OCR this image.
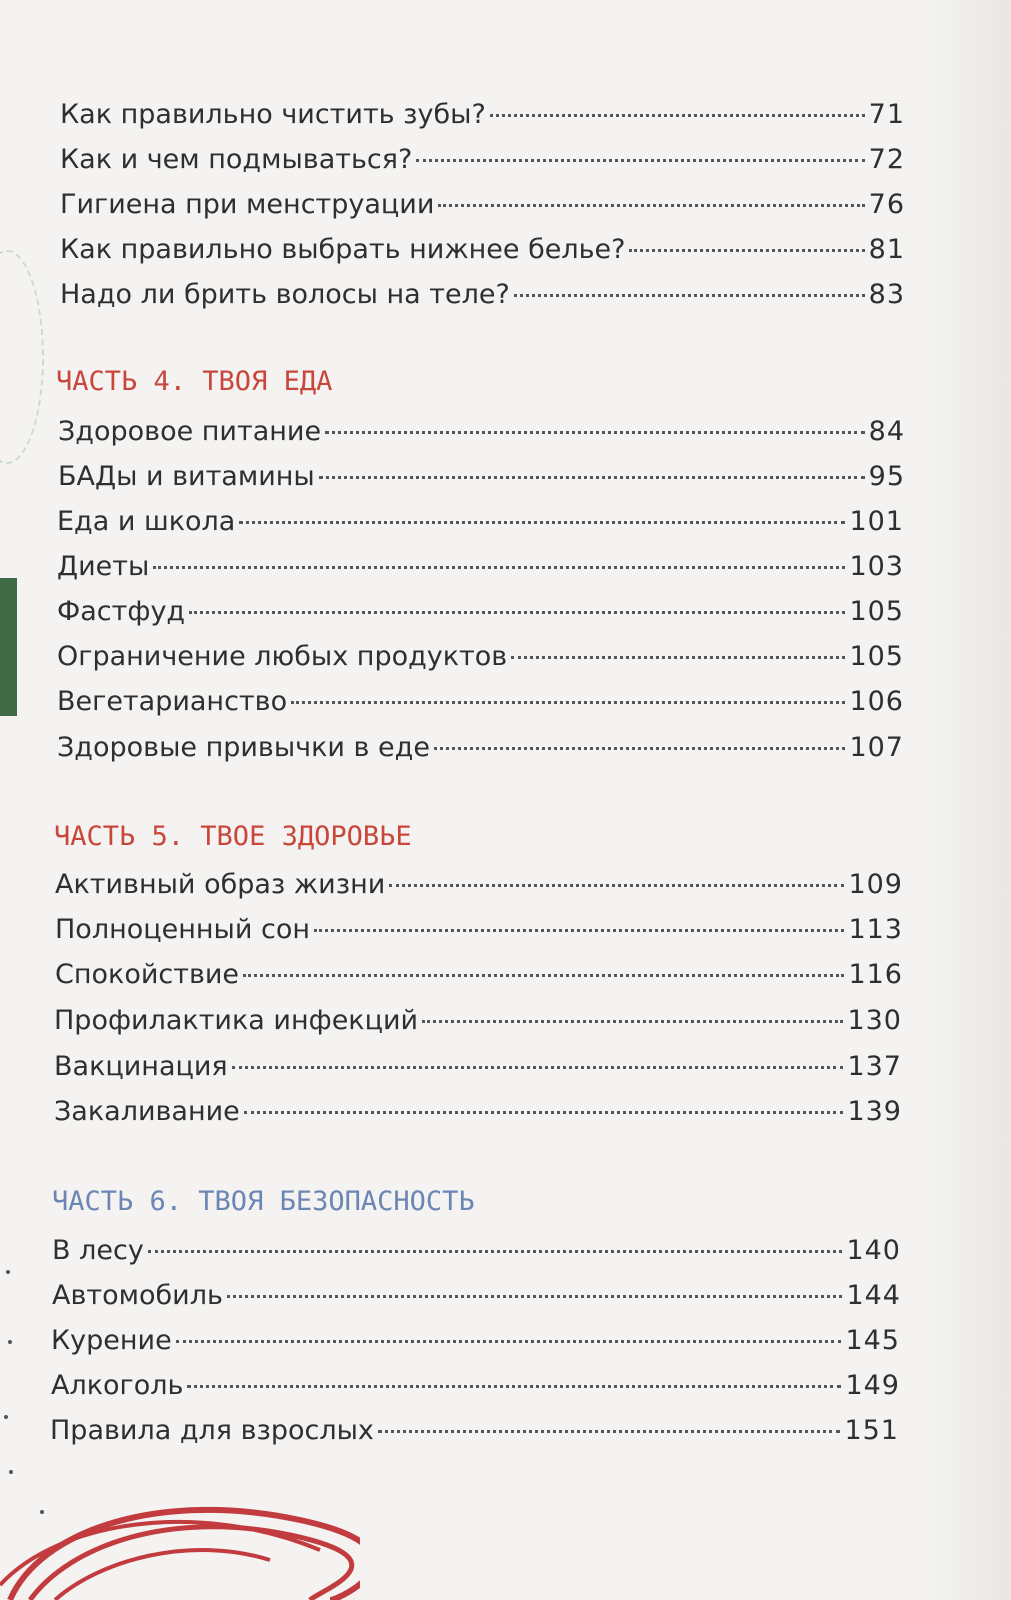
Как правильно чистить зубы?	71
Как и чем подмываться?	72
Гигиена при менструации	76
Как правильно выбрать нижнее белье?	81
Надо ли брить волосы на теле?	83
ЧАСТЬ 4. ТВОЯ ЕДА
Здоровое питание	84
БАДы и витамины	95
Еда и школа	101
Диеты	103
Фастфуд	105
Ограничение любых продуктов	105
Вегетарианство	106
Здоровые привычки в еде	107
ЧАСТЬ 5. ТВОЕ ЗДОРОВЬЕ
Активный образ жизни	109
Полноценный сон	113
Спокойствие	116
Профилактика инфекций	130
Вакцинация	137
Закаливание	139
ЧАСТЬ 6. ТВОЯ БЕЗОПАСНОСТЬ
В лесу	140
Автомобиль	144
Курение	145
Алкоголь	149
Правила для взрослых	151
